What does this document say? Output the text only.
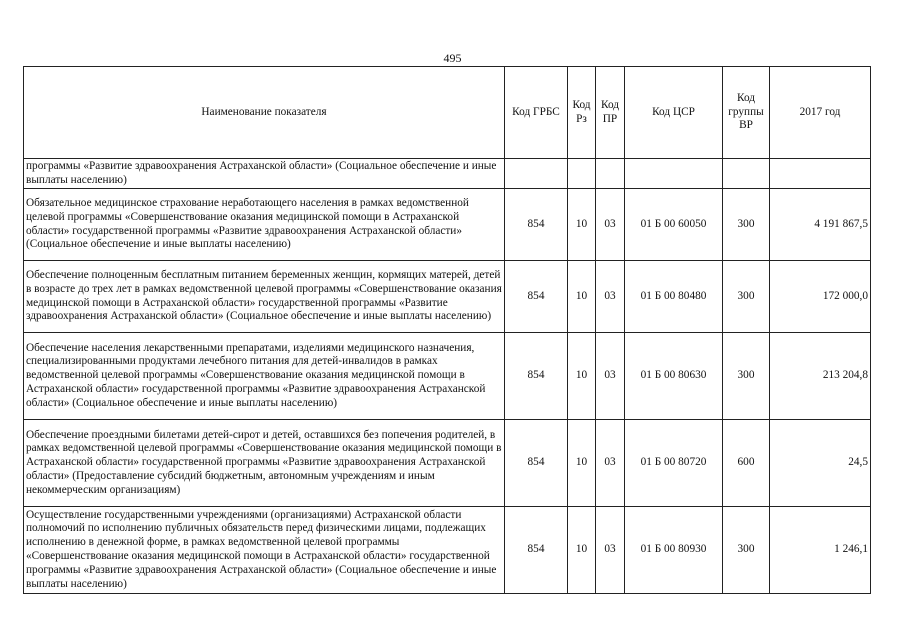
495
Наименование показателя	Код ГРБС	Код Рз	Код ПР	Код ЦСР	Код группы ВР	2017 год
программы «Развитие здравоохранения Астраханской области» (Социальное обеспечение и иные выплаты населению)						
Обязательное медицинское страхование неработающего населения в рамках ведомственной целевой программы «Совершенствование оказания медицинской помощи в Астраханской области» государственной программы «Развитие здравоохранения Астраханской области» (Социальное обеспечение и иные выплаты населению)	854	10	03	01 Б 00 60050	300	4 191 867,5
Обеспечение полноценным бесплатным питанием беременных женщин, кормящих матерей, детей в возрасте до трех лет в рамках ведомственной целевой программы «Совершенствование оказания медицинской помощи в Астраханской области» государственной программы «Развитие здравоохранения Астраханской области» (Социальное обеспечение и иные выплаты населению)	854	10	03	01 Б 00 80480	300	172 000,0
Обеспечение населения лекарственными препаратами, изделиями медицинского назначения, специализированными продуктами лечебного питания для детей-инвалидов в рамках ведомственной целевой программы «Совершенствование оказания медицинской помощи в Астраханской области» государственной программы «Развитие здравоохранения Астраханской области» (Социальное обеспечение и иные выплаты населению)	854	10	03	01 Б 00 80630	300	213 204,8
Обеспечение проездными билетами детей-сирот и детей, оставшихся без попечения родителей, в рамках ведомственной целевой программы «Совершенствование оказания медицинской помощи в Астраханской области» государственной программы «Развитие здравоохранения Астраханской области» (Предоставление субсидий бюджетным, автономным учреждениям и иным некоммерческим организациям)	854	10	03	01 Б 00 80720	600	24,5
Осуществление государственными учреждениями (организациями) Астраханской области полномочий по исполнению публичных обязательств перед физическими лицами, подлежащих исполнению в денежной форме, в рамках ведомственной целевой программы «Совершенствование оказания медицинской помощи в Астраханской области» государственной программы «Развитие здравоохранения Астраханской области» (Социальное обеспечение и иные выплаты населению)	854	10	03	01 Б 00 80930	300	1 246,1
